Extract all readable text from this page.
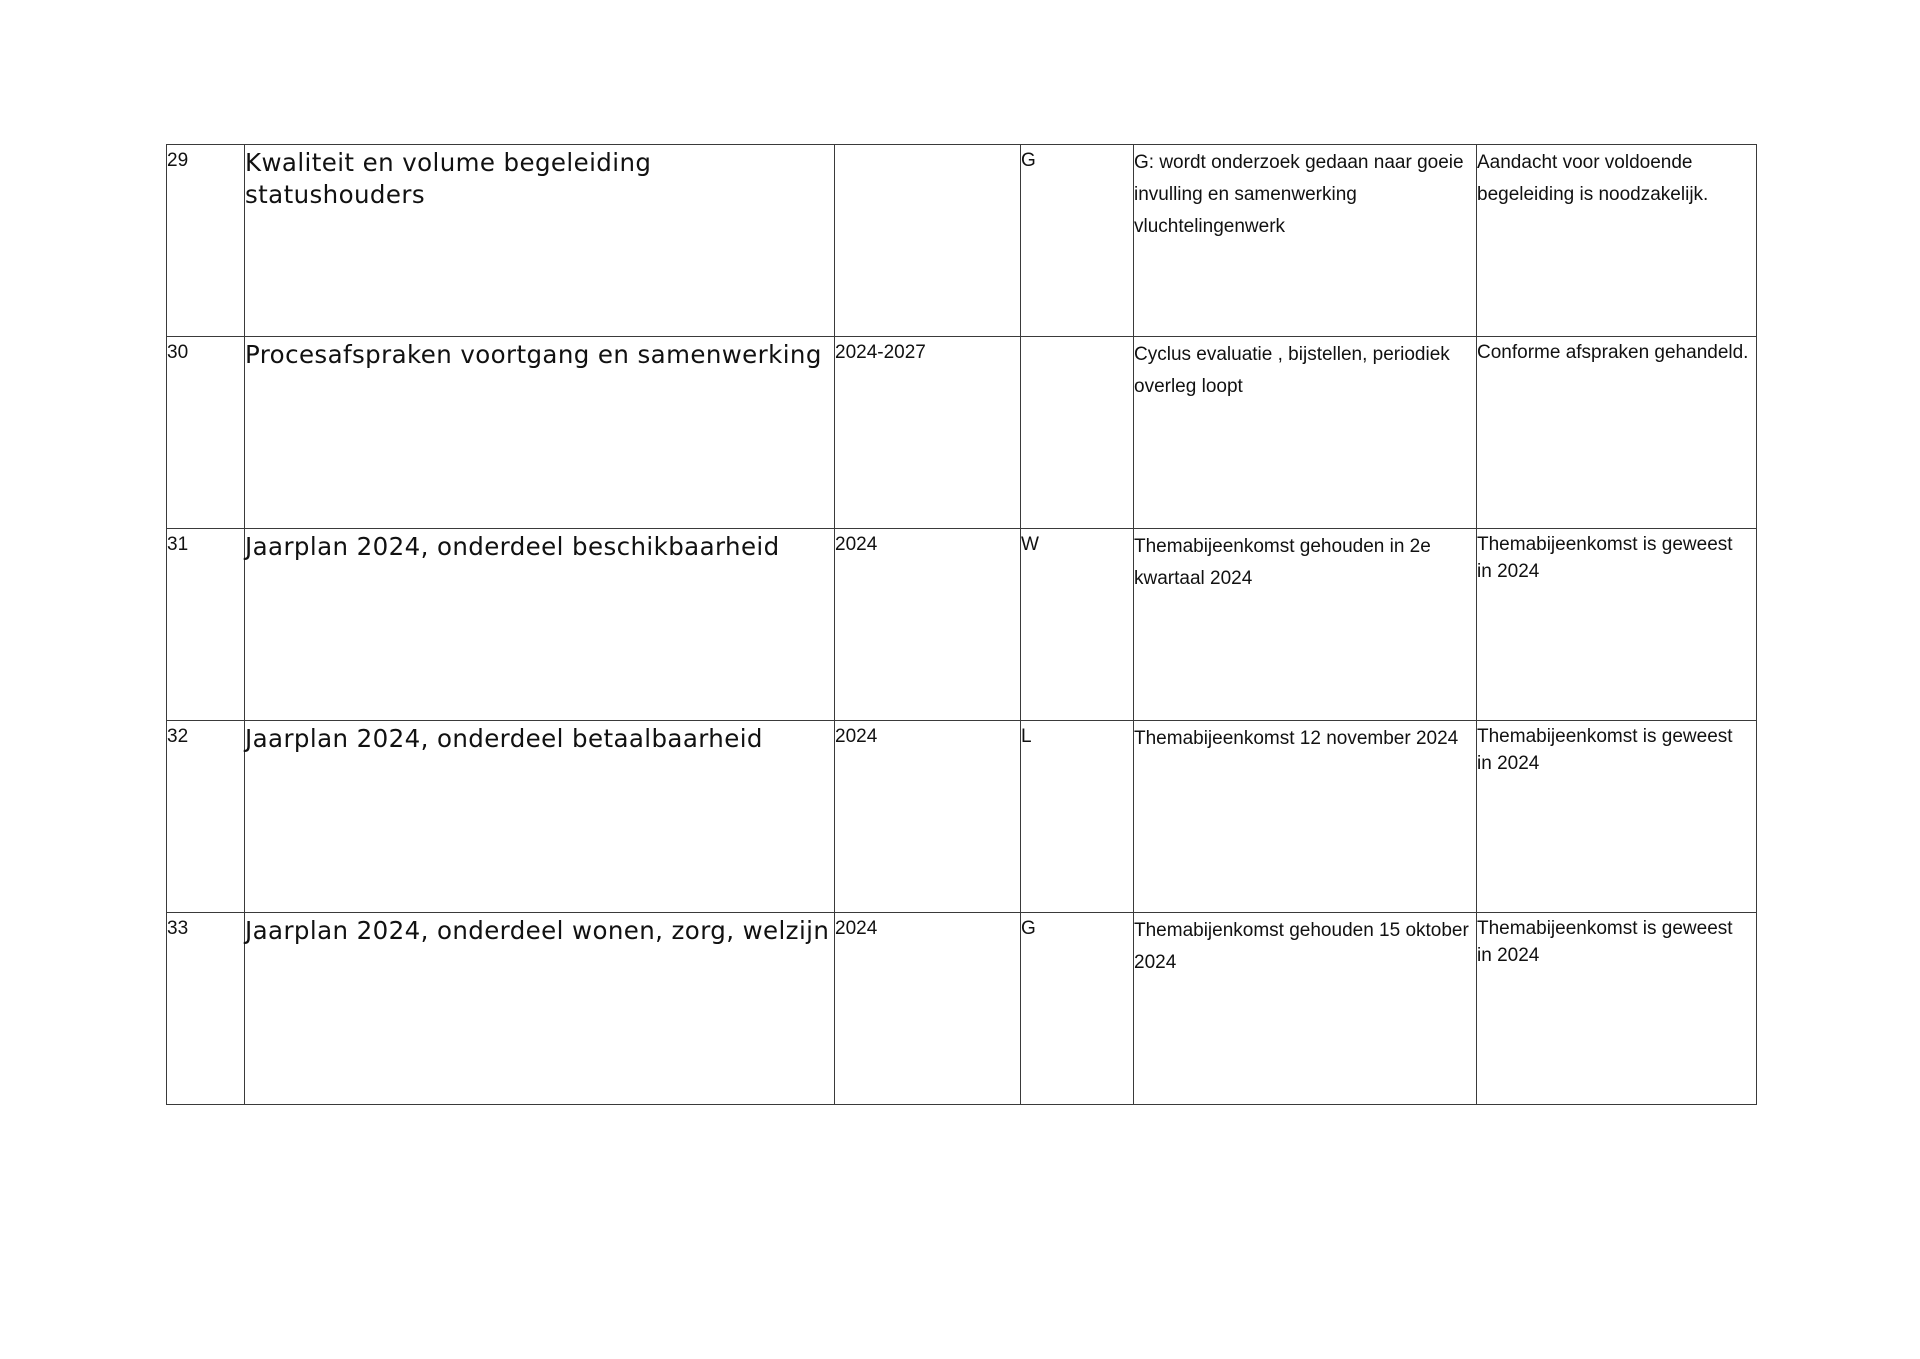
29	Kwaliteit en volume begeleiding statushouders		G	G: wordt onderzoek gedaan naar goeie invulling en samenwerking vluchtelingenwerk	Aandacht voor voldoende begeleiding is noodzakelijk.
30	Procesafspraken voortgang en samenwerking	2024-2027		Cyclus evaluatie , bijstellen, periodiek overleg loopt	Conforme afspraken gehandeld.
31	Jaarplan 2024, onderdeel beschikbaarheid	2024	W	Themabijeenkomst gehouden in 2e kwartaal 2024	Themabijeenkomst is geweest in 2024
32	Jaarplan 2024, onderdeel betaalbaarheid	2024	L	Themabijeenkomst 12 november 2024	Themabijeenkomst is geweest in 2024
33	Jaarplan 2024, onderdeel wonen, zorg, welzijn	2024	G	Themabijenkomst gehouden 15 oktober 2024	Themabijeenkomst is geweest in 2024
